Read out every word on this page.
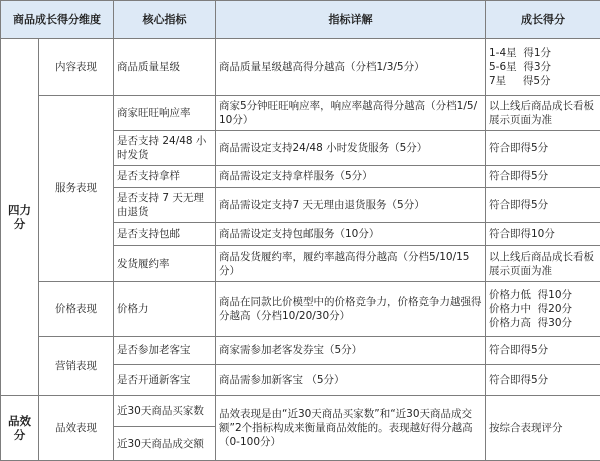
商品成长得分维度		核心指标	指标详解	成长得分
四力分	内容表现	商品质量星级	商品质量星级越高得分越高（分档1/3/5分）	1-4星  得1分
5-6星  得3分
7星     得5分

	服务表现	商家旺旺响应率	商家5分钟旺旺响应率，响应率越高得分越高（分档1/5/10分）	以上线后商品成长看板展示页面为准
		是否支持 24/48 小时发货	商品需设定支持24/48 小时发货服务（5分）	符合即得5分
		是否支持拿样	商品需设定支持拿样服务（5分）	符合即得5分
		是否支持 7 天无理由退货	商品需设定支持7 天无理由退货服务（5分）	符合即得5分
		是否支持包邮	商品需设定支持包邮服务（10分）	符合即得10分
		发货履约率	商品发货履约率，履约率越高得分越高（分档5/10/15分）	以上线后商品成长看板展示页面为准
	价格表现	价格力	商品在同款比价模型中的价格竞争力，价格竞争力越强得分越高（分档10/20/30分）	价格力低  得10分
价格力中  得20分
价格力高  得30分

	营销表现	是否参加老客宝	商家需参加老客发券宝（5分）	符合即得5分
		是否开通新客宝	商品需参加新客宝 （5分）	符合即得5分
品效分	品效表现	近30天商品买家数	品效表现是由“近30天商品买家数”和“近30天商品成交额”2个指标构成来衡量商品效能的。表现越好得分越高（0-100分）	按综合表现评分
		近30天商品成交额		
